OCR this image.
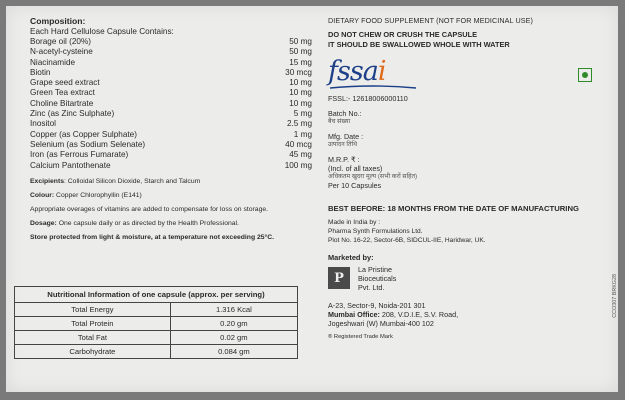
Composition:
Each Hard Cellulose Capsule Contains:
Borage oil (20%)	50 mg
N-acetyl-cysteine	50 mg
Niacinamide	15 mg
Biotin	30 mcg
Grape seed extract	10 mg
Green Tea extract	10 mg
Choline Bitartrate	10 mg
Zinc (as Zinc Sulphate)	5 mg
Inositol	2.5 mg
Copper (as Copper Sulphate)	1 mg
Selenium (as Sodium Selenate)	40 mcg
Iron (as Ferrous Fumarate)	45 mg
Calcium Pantothenate	100 mg
Excipients: Colloidal Silicon Dioxide, Starch and Talcum
Colour: Copper Chlorophyllin (E141)
Appropriate overages of vitamins are added to compensate for loss on storage.
Dosage: One capsule daily or as directed by the Health Professional.
Store protected from light & moisture, at a temperature not exceeding 25°C.
Nutritional Information of one capsule (approx. per serving)	
Total Energy	1.316 Kcal
Total Protein	0.20 gm
Total Fat	0.02 gm
Carbohydrate	0.084 gm
DIETARY FOOD SUPPLEMENT (NOT FOR MEDICINAL USE)
DO NOT CHEW OR CRUSH THE CAPSULE
IT SHOULD BE SWALLOWED WHOLE WITH WATER
fssai
FSSL:- 12618006000110
Batch No.:
बैच संख्या
Mfg. Date :
उत्पादन तिथि
M.R.P. ₹ :
(Incl. of all taxes)
अधिकतम खुदरा मूल्य (सभी करों सहित)
Per 10 Capsules
BEST BEFORE: 18 MONTHS FROM THE DATE OF MANUFACTURING
Made in India by :
Pharma Synth Formulations Ltd.
Plot No. 16-22, Sector-6B, SIDCUL-IIE, Haridwar, UK.
Marketed by:
P
La Pristine
Bioceuticals
Pvt. Ltd.
A-23, Sector-9, Noida-201 301
Mumbai Office: 208, V.D.I.E, S.V. Road,
Jogeshwari (W) Mumbai-400 102
® Registered Trade Mark
CCO307 BRKG28
